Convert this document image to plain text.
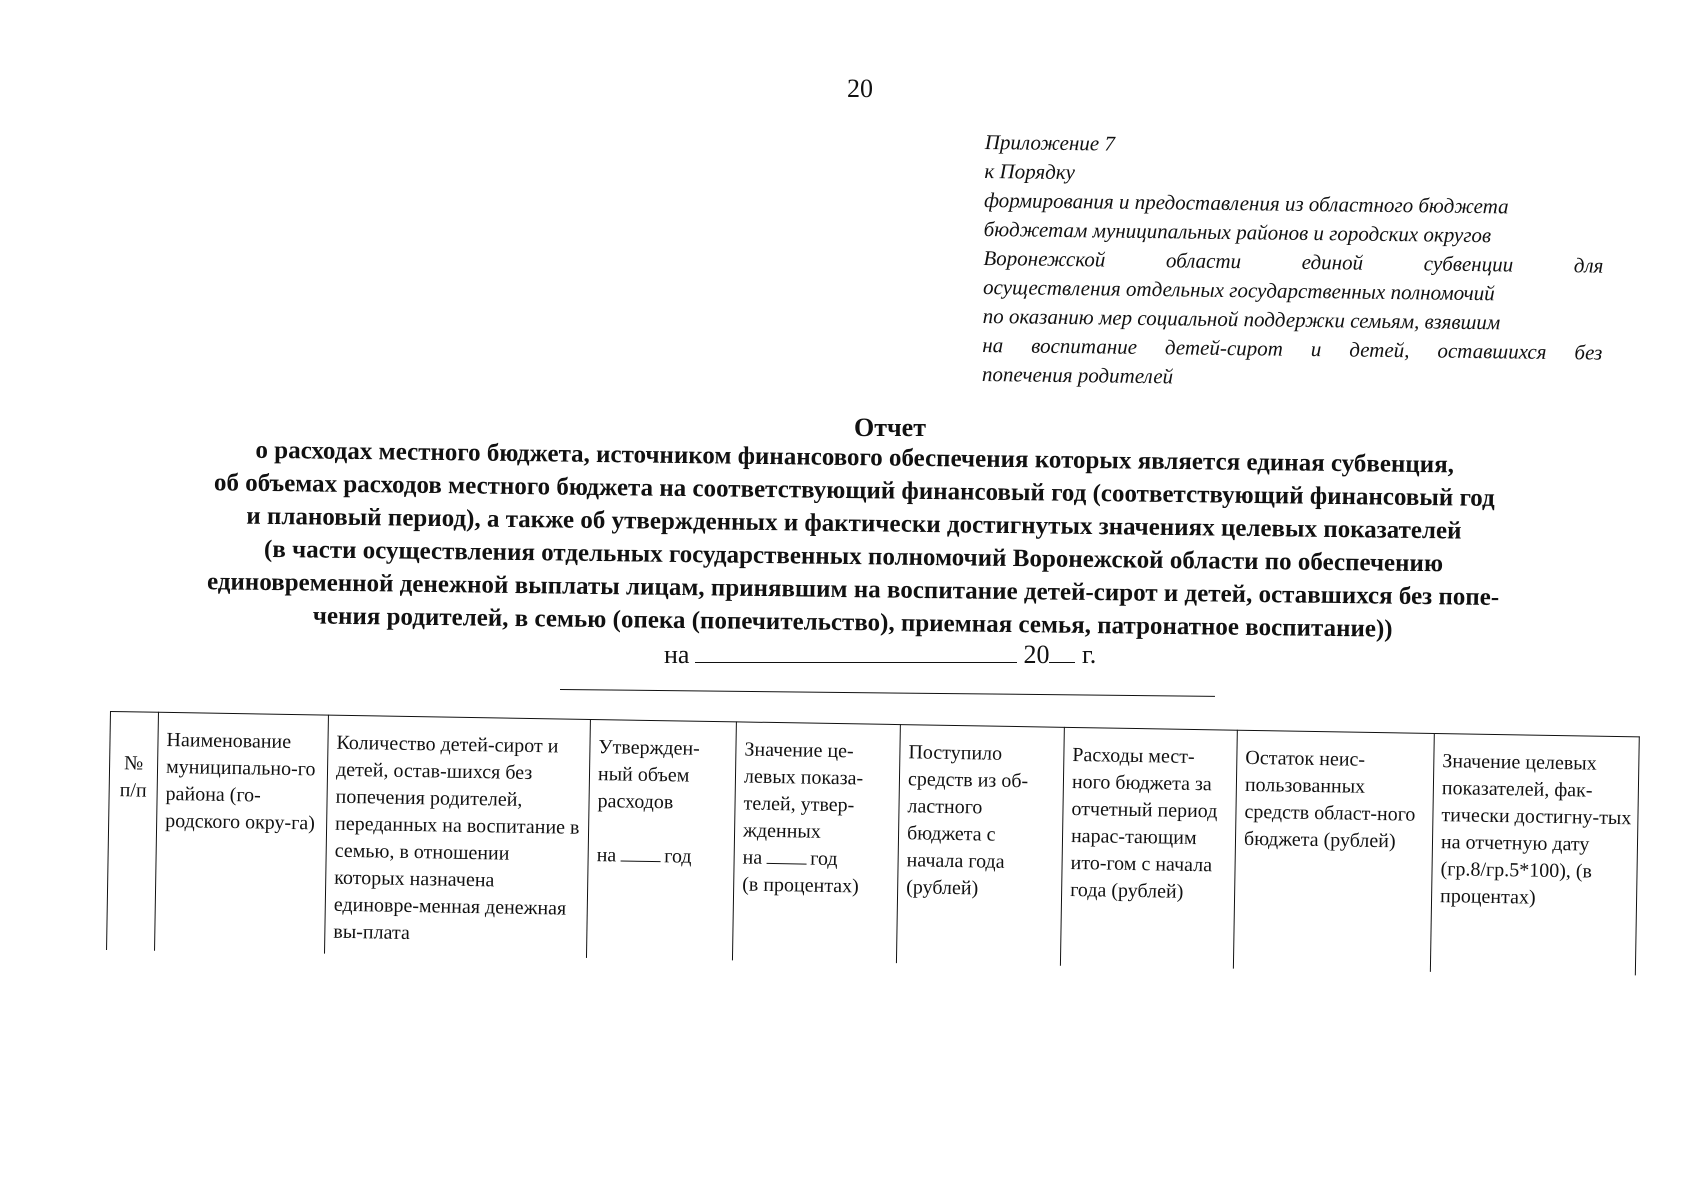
20
Приложение 7
к Порядку
формирования и предоставления из областного бюджета
бюджетам муниципальных районов и городских округов
Воронежской области единой субвенции для
осуществления отдельных государственных полномочий
по оказанию мер социальной поддержки семьям, взявшим
на воспитание детей-сирот и детей, оставшихся без
попечения родителей
Отчет
о расходах местного бюджета, источником финансового обеспечения которых является единая субвенция,
об объемах расходов местного бюджета на соответствующий финансовый год (соответствующий финансовый год
и плановый период), а также об утвержденных и фактически достигнутых значениях целевых показателей
(в части осуществления отдельных государственных полномочий Воронежской области по обеспечению
единовременной денежной выплаты лицам, принявшим на воспитание детей-сирот и детей, оставшихся без попе-
чения родителей, в семью (опека (попечительство), приемная семья, патронатное воспитание))
на	20 г.
№
п/п
	Наименование муниципально-го района (го-родского окру-га)	Количество детей-сирот и детей, остав-шихся без попечения родителей, переданных на воспитание в семью, в отношении которых назначена единовре-менная денежная вы-плата	Утвержден-ный объем расходов
на год	Значение це-левых показа-телей, утвер-жденных
на год
(в процентах)	Поступило средств из об-ластного бюджета с начала года (рублей)	Расходы мест-ного бюджета за отчетный период нарас-тающим ито-гом с начала года (рублей)	Остаток неис-пользованных средств област-ного бюджета (рублей)	Значение целевых показателей, фак-тически достигну-тых на отчетную дату (гр.8/гр.5*100), (в процентах)
